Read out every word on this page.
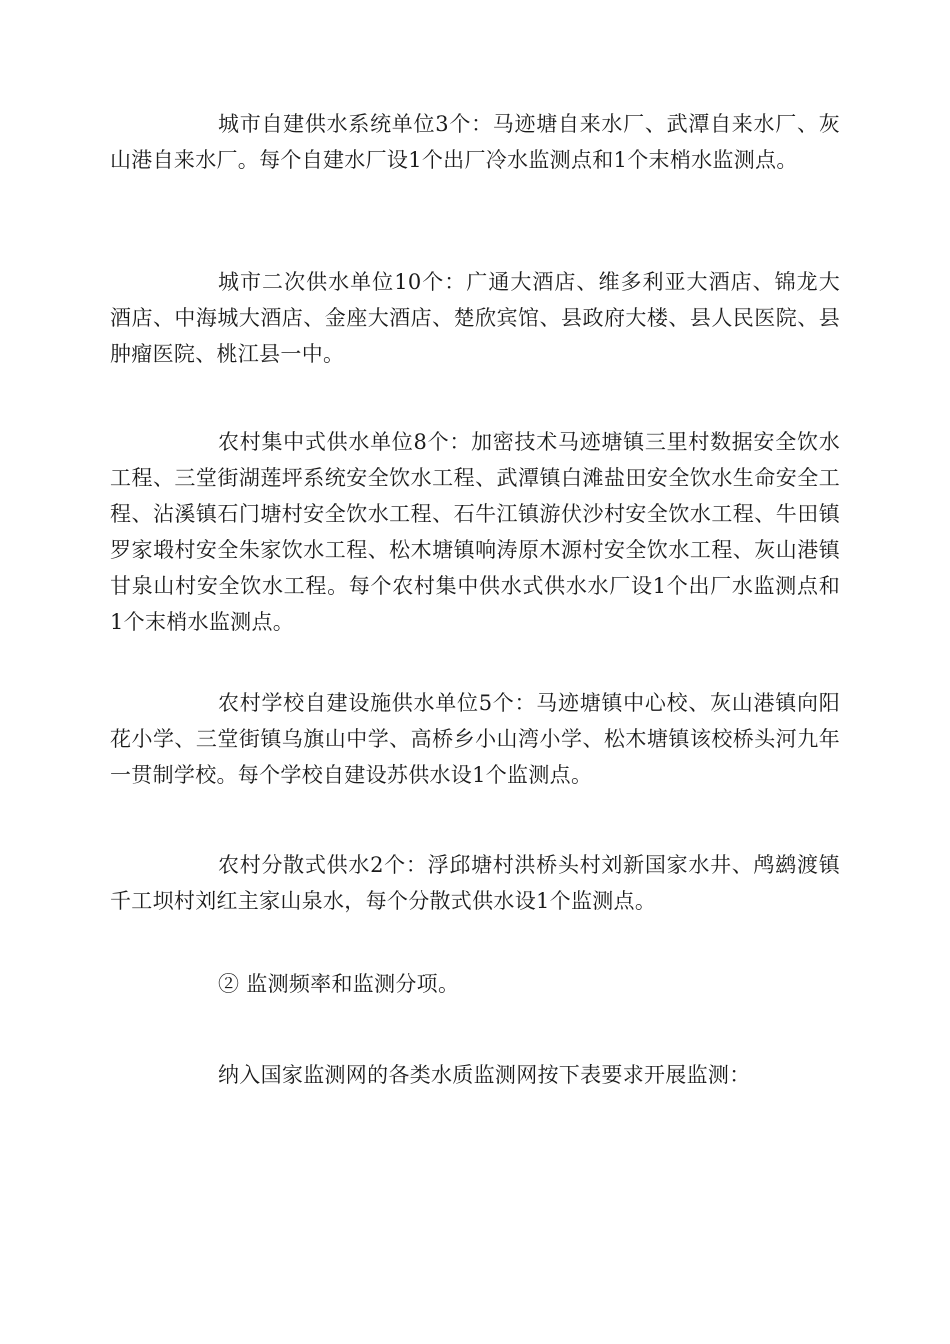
城市自建供水系统单位3个：马迹塘自来水厂、武潭自来水厂、灰山港自来水厂。每个自建水厂设1个出厂冷水监测点和1个末梢水监测点。

城市二次供水单位10个：广通大酒店、维多利亚大酒店、锦龙大酒店、中海城大酒店、金座大酒店、楚欣宾馆、县政府大楼、县人民医院、县肿瘤医院、桃江县一中。

农村集中式供水单位8个：加密技术马迹塘镇三里村数据安全饮水工程、三堂街湖莲坪系统安全饮水工程、武潭镇白滩盐田安全饮水生命安全工程、沾溪镇石门塘村安全饮水工程、石牛江镇游伏沙村安全饮水工程、牛田镇罗家塅村安全朱家饮水工程、松木塘镇响涛原木源村安全饮水工程、灰山港镇甘泉山村安全饮水工程。每个农村集中供水式供水水厂设1个出厂水监测点和1个末梢水监测点。

农村学校自建设施供水单位5个：马迹塘镇中心校、灰山港镇向阳花小学、三堂街镇乌旗山中学、高桥乡小山湾小学、松木塘镇该校桥头河九年一贯制学校。每个学校自建设苏供水设1个监测点。

农村分散式供水2个：浮邱塘村洪桥头村刘新国家水井、鸬鹚渡镇千工坝村刘红主家山泉水，每个分散式供水设1个监测点。

② 监测频率和监测分项。

纳入国家监测网的各类水质监测网按下表要求开展监测：
